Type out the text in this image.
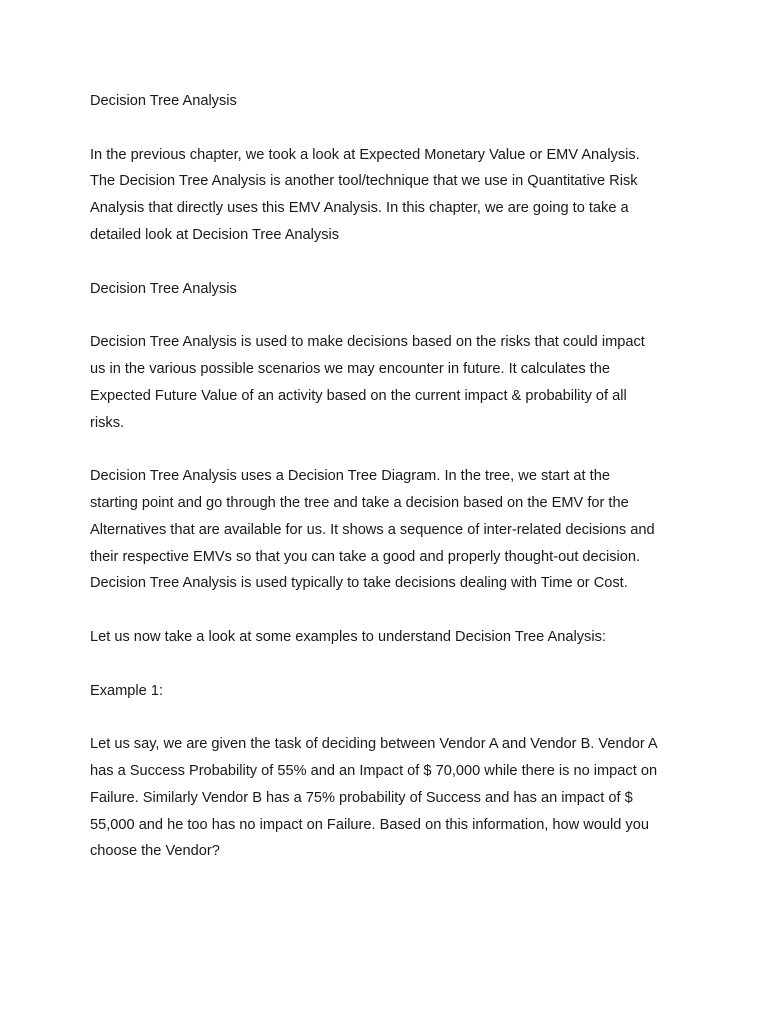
Decision Tree Analysis

In the previous chapter, we took a look at Expected Monetary Value or EMV Analysis.
The Decision Tree Analysis is another tool/technique that we use in Quantitative Risk
Analysis that directly uses this EMV Analysis. In this chapter, we are going to take a
detailed look at Decision Tree Analysis

Decision Tree Analysis

Decision Tree Analysis is used to make decisions based on the risks that could impact
us in the various possible scenarios we may encounter in future. It calculates the
Expected Future Value of an activity based on the current impact & probability of all
risks.

Decision Tree Analysis uses a Decision Tree Diagram. In the tree, we start at the
starting point and go through the tree and take a decision based on the EMV for the
Alternatives that are available for us. It shows a sequence of inter-related decisions and
their respective EMVs so that you can take a good and properly thought-out decision.
Decision Tree Analysis is used typically to take decisions dealing with Time or Cost.

Let us now take a look at some examples to understand Decision Tree Analysis:

Example 1:

Let us say, we are given the task of deciding between Vendor A and Vendor B. Vendor A
has a Success Probability of 55% and an Impact of $ 70,000 while there is no impact on
Failure. Similarly Vendor B has a 75% probability of Success and has an impact of $
55,000 and he too has no impact on Failure. Based on this information, how would you
choose the Vendor?
